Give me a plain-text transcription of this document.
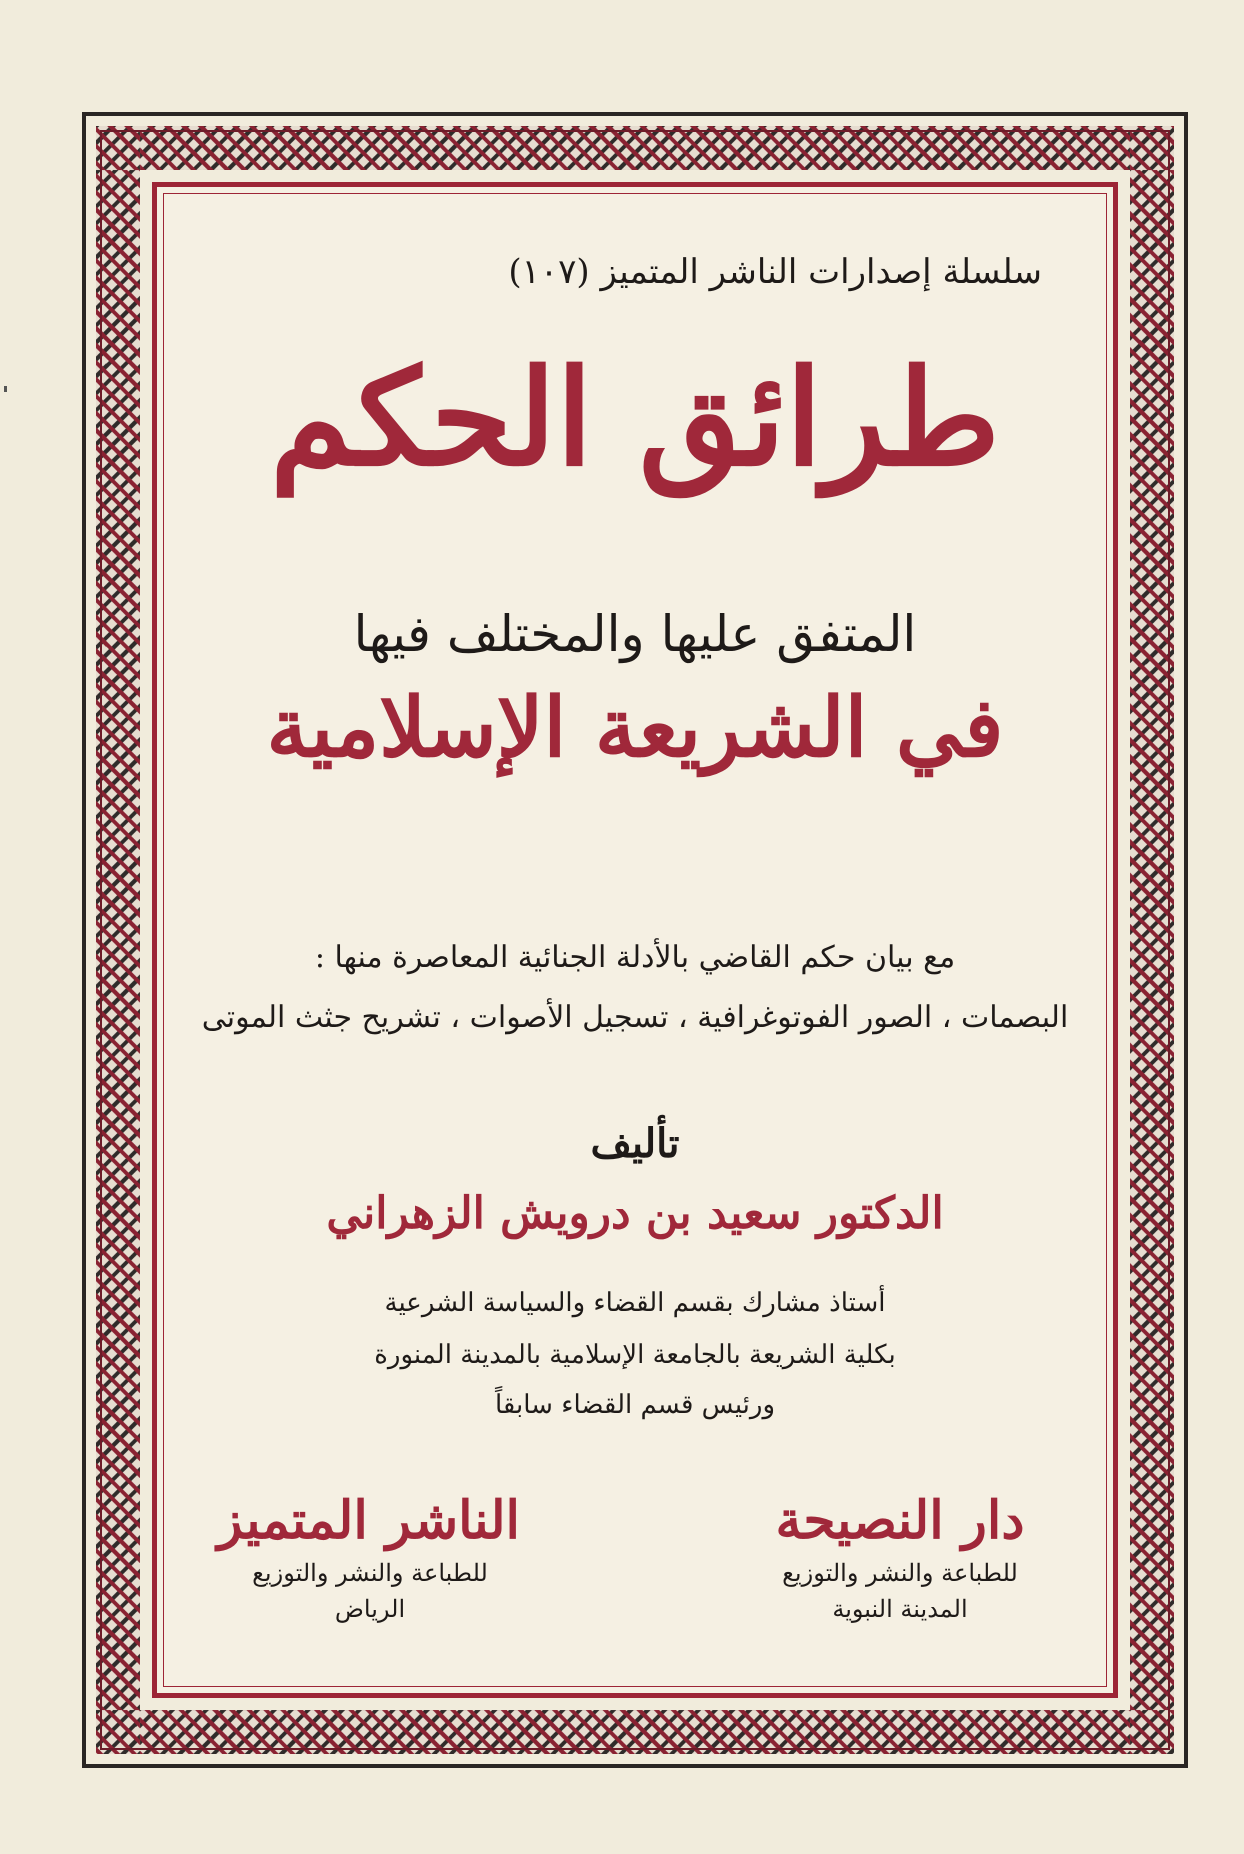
سلسلة إصدارات الناشر المتميز (١٠٧)
طرائق الحكم
المتفق عليها والمختلف فيها
في الشريعة الإسلامية
مع بيان حكم القاضي بالأدلة الجنائية المعاصرة منها :
البصمات ، الصور الفوتوغرافية ، تسجيل الأصوات ، تشريح جثث الموتى
تأليف
الدكتور سعيد بن درويش الزهراني
أستاذ مشارك بقسم القضاء والسياسة الشرعية
بكلية الشريعة بالجامعة الإسلامية بالمدينة المنورة
ورئيس قسم القضاء سابقاً
دار النصيحة
للطباعة والنشر والتوزيع
المدينة النبوية
الناشر المتميز
للطباعة والنشر والتوزيع
الرياض
